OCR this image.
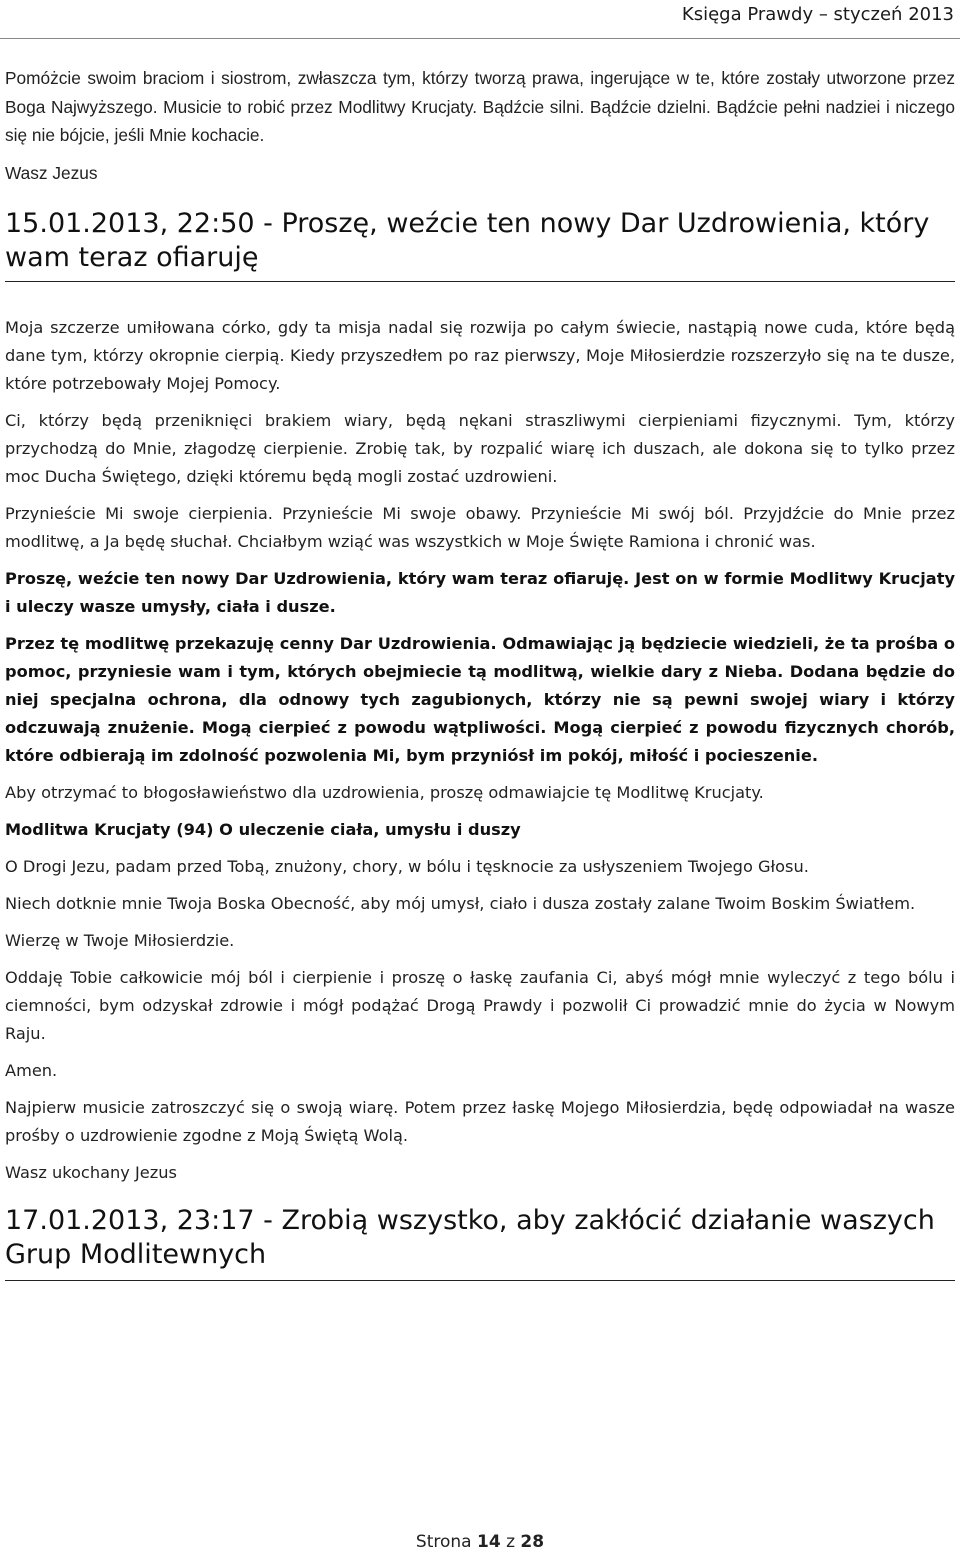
Księga Prawdy – styczeń 2013

Pomóżcie swoim braciom i siostrom, zwłaszcza tym, którzy tworzą prawa, ingerujące w te, które zostały utworzone przez Boga Najwyższego. Musicie to robić przez Modlitwy Krucjaty. Bądźcie silni. Bądźcie dzielni. Bądźcie pełni nadziei i niczego się nie bójcie, jeśli Mnie kochacie.

Wasz Jezus

15.01.2013, 22:50 - Proszę, weźcie ten nowy Dar Uzdrowienia, który wam teraz ofiaruję

Moja szczerze umiłowana córko, gdy ta misja nadal się rozwija po całym świecie, nastąpią nowe cuda, które będą dane tym, którzy okropnie cierpią. Kiedy przyszedłem po raz pierwszy, Moje Miłosierdzie rozszerzyło się na te dusze, które potrzebowały Mojej Pomocy.

Ci, którzy będą przeniknięci brakiem wiary, będą nękani straszliwymi cierpieniami fizycznymi. Tym, którzy przychodzą do Mnie, złagodzę cierpienie. Zrobię tak, by rozpalić wiarę ich duszach, ale dokona się to tylko przez moc Ducha Świętego, dzięki któremu będą mogli zostać uzdrowieni.

Przynieście Mi swoje cierpienia. Przynieście Mi swoje obawy. Przynieście Mi swój ból. Przyjdźcie do Mnie przez modlitwę, a Ja będę słuchał. Chciałbym wziąć was wszystkich w Moje Święte Ramiona i chronić was.

Proszę, weźcie ten nowy Dar Uzdrowienia, który wam teraz ofiaruję. Jest on w formie Modlitwy Krucjaty i uleczy wasze umysły, ciała i dusze.

Przez tę modlitwę przekazuję cenny Dar Uzdrowienia. Odmawiając ją będziecie wiedzieli, że ta prośba o pomoc, przyniesie wam i tym, których obejmiecie tą modlitwą, wielkie dary z Nieba. Dodana będzie do niej specjalna ochrona, dla odnowy tych zagubionych, którzy nie są pewni swojej wiary i którzy odczuwają znużenie. Mogą cierpieć z powodu wątpliwości. Mogą cierpieć z powodu fizycznych chorób, które odbierają im zdolność pozwolenia Mi, bym przyniósł im pokój, miłość i pocieszenie.

Aby otrzymać to błogosławieństwo dla uzdrowienia, proszę odmawiajcie tę Modlitwę Krucjaty.

Modlitwa Krucjaty (94) O uleczenie ciała, umysłu i duszy

O Drogi Jezu, padam przed Tobą, znużony, chory, w bólu i tęsknocie za usłyszeniem Twojego Głosu.

Niech dotknie mnie Twoja Boska Obecność, aby mój umysł, ciało i dusza zostały zalane Twoim Boskim Światłem.

Wierzę w Twoje Miłosierdzie.

Oddaję Tobie całkowicie mój ból i cierpienie i proszę o łaskę zaufania Ci, abyś mógł mnie wyleczyć z tego bólu i ciemności, bym odzyskał zdrowie i mógł podążać Drogą Prawdy i pozwolił Ci prowadzić mnie do życia w Nowym Raju.

Amen.

Najpierw musicie zatroszczyć się o swoją wiarę. Potem przez łaskę Mojego Miłosierdzia, będę odpowiadał na wasze prośby o uzdrowienie zgodne z Moją Świętą Wolą.

Wasz ukochany Jezus

17.01.2013, 23:17 - Zrobią wszystko, aby zakłócić działanie waszych Grup Modlitewnych
Strona 14 z 28
